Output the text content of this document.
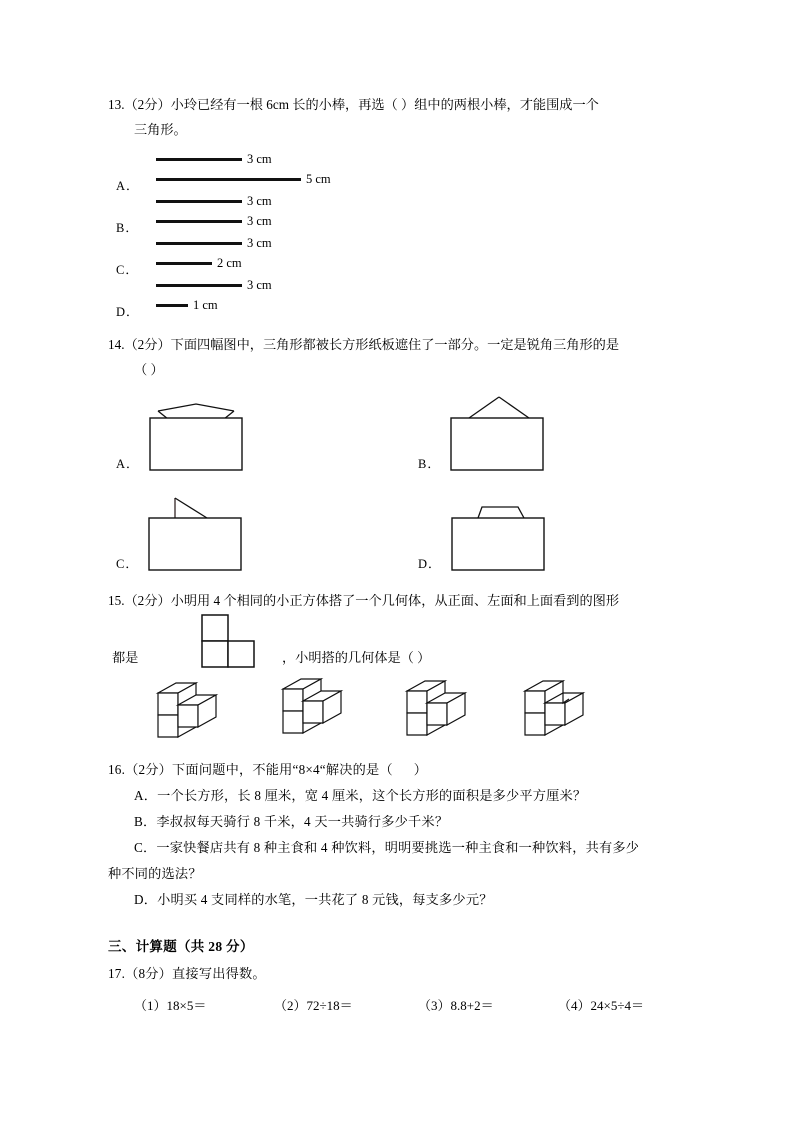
13.（2分）小玲已经有一根 6cm 长的小棒，再选（ ）组中的两根小棒，才能围成一个
三角形。
A．
3 cm
5 cm
B．
3 cm
3 cm
C．
3 cm
2 cm
D．
3 cm
1 cm
14.（2分）下面四幅图中，三角形都被长方形纸板遮住了一部分。一定是锐角三角形的是
（ ）
A．	B．
C．	D．
15.（2分）小明用 4 个相同的小正方体搭了一个几何体，从正面、左面和上面看到的图形
都是	，小明搭的几何体是（ ）
16.（2分）下面问题中，不能用“8×4“解决的是（      ）
A．一个长方形，长 8 厘米，宽 4 厘米，这个长方形的面积是多少平方厘米？
B．李叔叔每天骑行 8 千米，4 天一共骑行多少千米？
C．一家快餐店共有 8 种主食和 4 种饮料，明明要挑选一种主食和一种饮料，共有多少
种不同的选法？
D．小明买 4 支同样的水笔，一共花了 8 元钱，每支多少元？
三、计算题（共 28 分）
17.（8分）直接写出得数。
（1）18×5＝	（2）72÷18＝	（3）8.8+2＝	（4）24×5÷4＝
